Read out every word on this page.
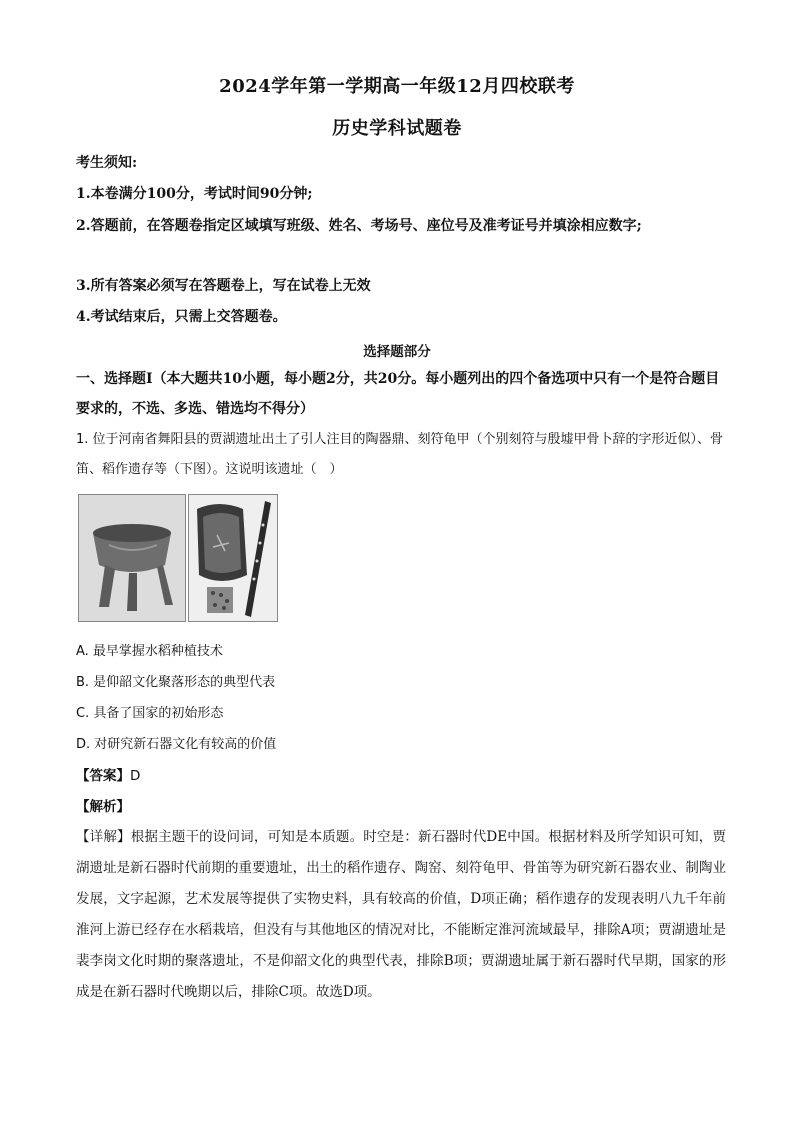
2024学年第一学期高一年级12月四校联考
历史学科试题卷
考生须知:
1.本卷满分100分，考试时间90分钟;
2.答题前，在答题卷指定区域填写班级、姓名、考场号、座位号及准考证号并填涂相应数字;
3.所有答案必须写在答题卷上，写在试卷上无效
4.考试结束后，只需上交答题卷。
选择题部分
一、选择题Ⅰ（本大题共10小题，每小题2分，共20分。每小题列出的四个备选项中只有一个是符合题目要求的，不选、多选、错选均不得分）
1. 位于河南省舞阳县的贾湖遗址出土了引人注目的陶器鼎、刻符龟甲（个别刻符与殷墟甲骨卜辞的字形近似）、骨笛、稻作遗存等（下图）。这说明该遗址（　）
A. 最早掌握水稻种植技术
B. 是仰韶文化聚落形态的典型代表
C. 具备了国家的初始形态
D. 对研究新石器文化有较高的价值
【答案】D
【解析】
【详解】根据主题干的设问词，可知是本质题。时空是：新石器时代DE中国。根据材料及所学知识可知，贾湖遗址是新石器时代前期的重要遗址，出土的稻作遗存、陶窑、刻符龟甲、骨笛等为研究新石器农业、制陶业发展，文字起源，艺术发展等提供了实物史料，具有较高的价值，D项正确；稻作遗存的发现表明八九千年前淮河上游已经存在水稻栽培，但没有与其他地区的情况对比，不能断定淮河流域最早，排除A项；贾湖遗址是裴李岗文化时期的聚落遗址，不是仰韶文化的典型代表，排除B项；贾湖遗址属于新石器时代早期，国家的形成是在新石器时代晚期以后，排除C项。故选D项。
